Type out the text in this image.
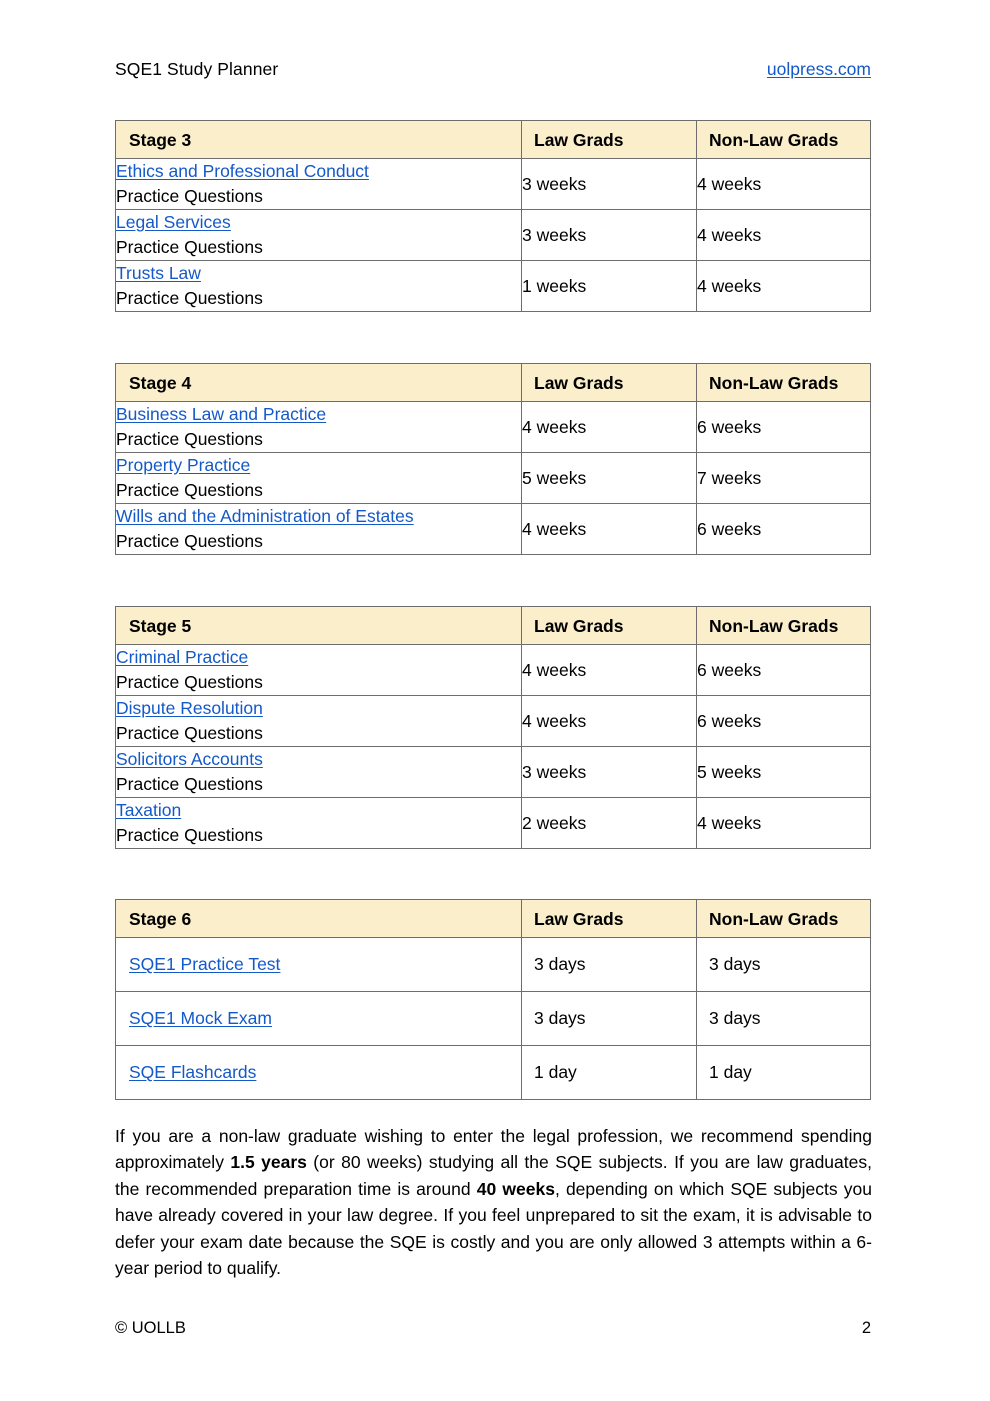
SQE1 Study Planner	uolpress.com
Stage 3	Law Grads	Non-Law Grads

Ethics and Professional Conduct
Practice Questions	3 weeks	4 weeks

Legal Services
Practice Questions	3 weeks	4 weeks

Trusts Law
Practice Questions	1 weeks	4 weeks
Stage 4	Law Grads	Non-Law Grads

Business Law and Practice
Practice Questions	4 weeks	6 weeks

Property Practice
Practice Questions	5 weeks	7 weeks

Wills and the Administration of Estates
Practice Questions	4 weeks	6 weeks
Stage 5	Law Grads	Non-Law Grads

Criminal Practice
Practice Questions	4 weeks	6 weeks

Dispute Resolution
Practice Questions	4 weeks	6 weeks

Solicitors Accounts
Practice Questions	3 weeks	5 weeks

Taxation
Practice Questions	2 weeks	4 weeks
Stage 6	Law Grads	Non-Law Grads

SQE1 Practice Test	3 days	3 days

SQE1 Mock Exam	3 days	3 days

SQE Flashcards	1 day	1 day

If you are a non-law graduate wishing to enter the legal profession, we recommend spending approximately 1.5 years (or 80 weeks) studying all the SQE subjects. If you are law graduates, the recommended preparation time is around 40 weeks, depending on which SQE subjects you have already covered in your law degree. If you feel unprepared to sit the exam, it is advisable to defer your exam date because the SQE is costly and you are only allowed 3 attempts within a 6-year period to qualify.

© UOLLB	2
